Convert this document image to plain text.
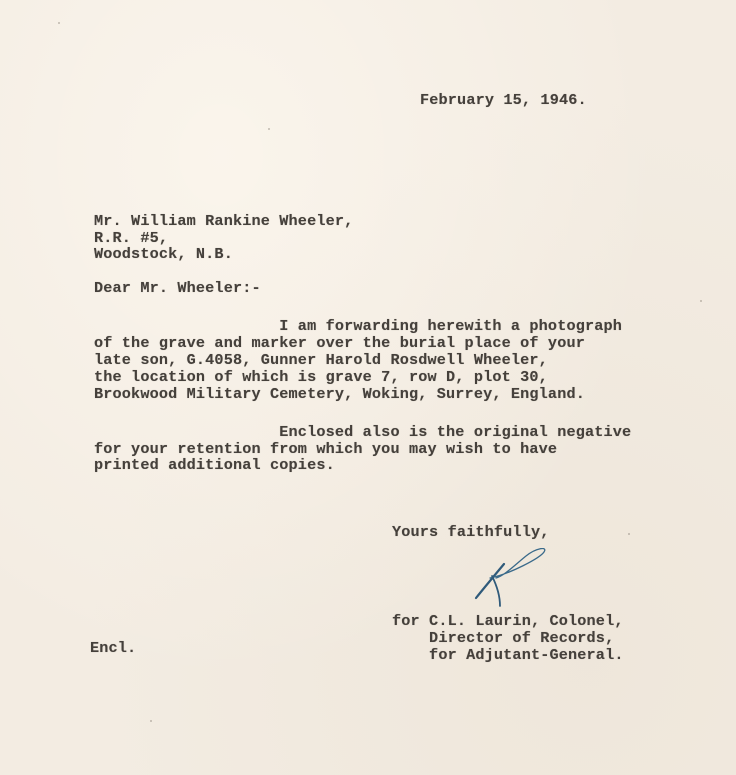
February 15, 1946.
Mr. William Rankine Wheeler,
R.R. #5,
Woodstock, N.B.
Dear Mr. Wheeler:-
I am forwarding herewith a photograph
of the grave and marker over the burial place of your
late son, G.4058, Gunner Harold Rosdwell Wheeler,
the location of which is grave 7, row D, plot 30,
Brookwood Military Cemetery, Woking, Surrey, England.
Enclosed also is the original negative
for your retention from which you may wish to have
printed additional copies.
Yours faithfully,
for C.L. Laurin, Colonel,
Director of Records,
for Adjutant-General.
Encl.
